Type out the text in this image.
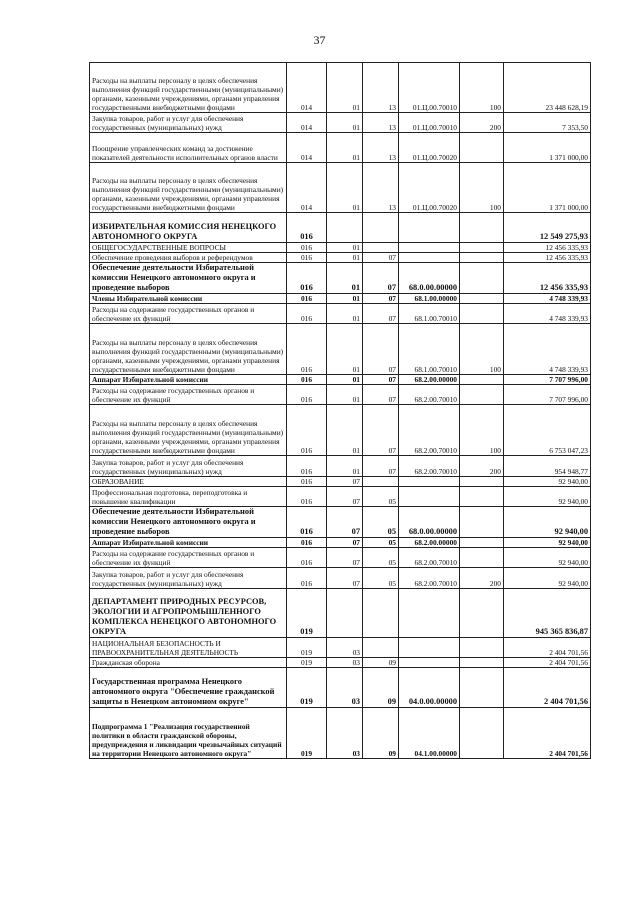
37
Расходы на выплаты персоналу в целях обеспечения выполнения функций государственными (муниципальными) органами, казенными учреждениями, органами управления государственными внебюджетными фондами	014	01	13	01.Ц.00.70010	100	23 448 628,19
Закупка товаров, работ и услуг для обеспечения государственных (муниципальных) нужд	014	01	13	01.Ц.00.70010	200	7 353,50
Поощрение управленческих команд за достижение показателей деятельности исполнительных органов власти	014	01	13	01.Ц.00.70020		1 371 000,00
Расходы на выплаты персоналу в целях обеспечения выполнения функций государственными (муниципальными) органами, казенными учреждениями, органами управления государственными внебюджетными фондами	014	01	13	01.Ц.00.70020	100	1 371 000,00
ИЗБИРАТЕЛЬНАЯ КОМИССИЯ НЕНЕЦКОГО АВТОНОМНОГО ОКРУГА	016					12 549 275,93
ОБЩЕГОСУДАРСТВЕННЫЕ ВОПРОСЫ	016	01				12 456 335,93
Обеспечение проведения выборов и референдумов	016	01	07			12 456 335,93
Обеспечение деятельности Избирательной комиссии Ненецкого автономного округа и проведение выборов	016	01	07	68.0.00.00000		12 456 335,93
Члены Избирательной комиссии	016	01	07	68.1.00.00000		4 748 339,93
Расходы на содержание государственных органов и обеспечение их функций	016	01	07	68.1.00.70010		4 748 339,93
Расходы на выплаты персоналу в целях обеспечения выполнения функций государственными (муниципальными) органами, казенными учреждениями, органами управления государственными внебюджетными фондами	016	01	07	68.1.00.70010	100	4 748 339,93
Аппарат Избирательной комиссии	016	01	07	68.2.00.00000		7 707 996,00
Расходы на содержание государственных органов и обеспечение их функций	016	01	07	68.2.00.70010		7 707 996,00
Расходы на выплаты персоналу в целях обеспечения выполнения функций государственными (муниципальными) органами, казенными учреждениями, органами управления государственными внебюджетными фондами	016	01	07	68.2.00.70010	100	6 753 047,23
Закупка товаров, работ и услуг для обеспечения государственных (муниципальных) нужд	016	01	07	68.2.00.70010	200	954 948,77
ОБРАЗОВАНИЕ	016	07				92 940,00
Профессиональная подготовка, переподготовка и повышение квалификации	016	07	05			92 940,00
Обеспечение деятельности Избирательной комиссии Ненецкого автономного округа и проведение выборов	016	07	05	68.0.00.00000		92 940,00
Аппарат Избирательной комиссии	016	07	05	68.2.00.00000		92 940,00
Расходы на содержание государственных органов и обеспечение их функций	016	07	05	68.2.00.70010		92 940,00
Закупка товаров, работ и услуг для обеспечения государственных (муниципальных) нужд	016	07	05	68.2.00.70010	200	92 940,00
ДЕПАРТАМЕНТ ПРИРОДНЫХ РЕСУРСОВ, ЭКОЛОГИИ И АГРОПРОМЫШЛЕННОГО КОМПЛЕКСА НЕНЕЦКОГО АВТОНОМНОГО ОКРУГА	019					945 365 836,87
НАЦИОНАЛЬНАЯ БЕЗОПАСНОСТЬ И ПРАВООХРАНИТЕЛЬНАЯ ДЕЯТЕЛЬНОСТЬ	019	03				2 404 701,56
Гражданская оборона	019	03	09			2 404 701,56
Государственная программа Ненецкого автономного округа "Обеспечение гражданской защиты в Ненецком автономном округе"	019	03	09	04.0.00.00000		2 404 701,56
Подпрограмма 1 "Реализация государственной политики в области гражданской обороны, предупреждения и ликвидации чрезвычайных ситуаций на территории Ненецкого автономного округа"	019	03	09	04.1.00.00000		2 404 701,56
